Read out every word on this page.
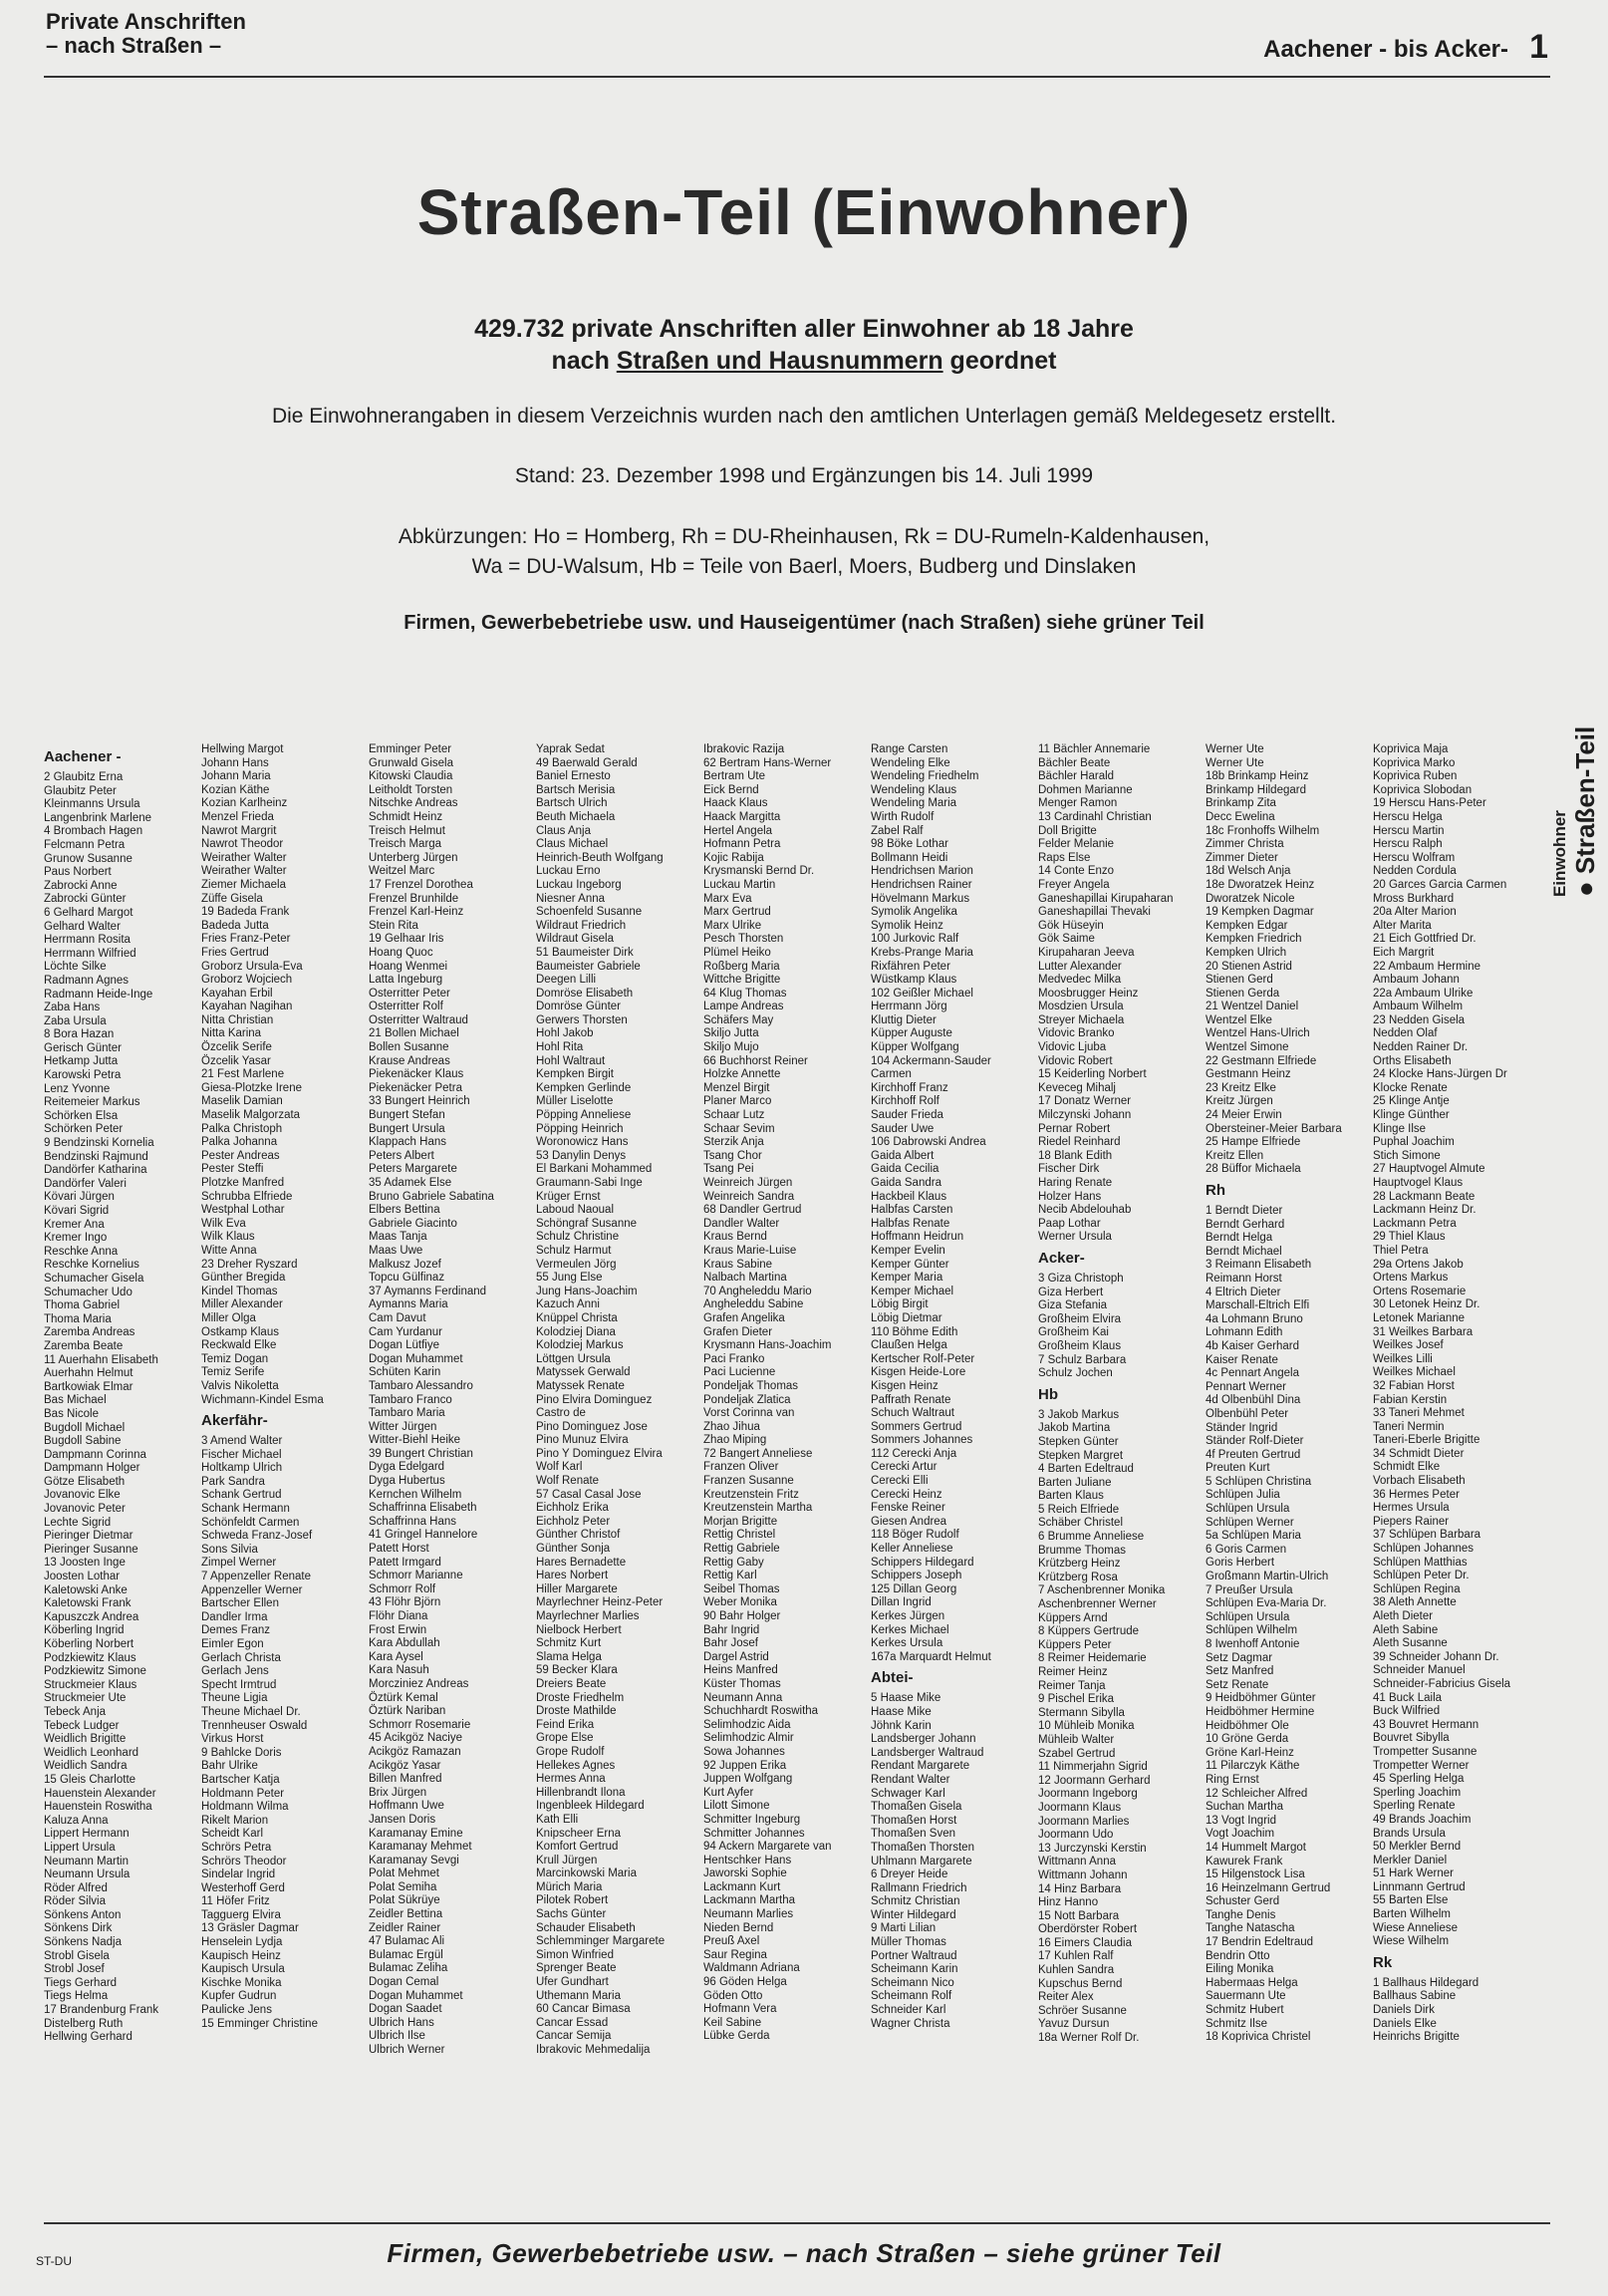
Private Anschriften
– nach Straßen –	Aachener - bis Acker- 1
Straßen-Teil (Einwohner)
429.732 private Anschriften aller Einwohner ab 18 Jahre
nach Straßen und Hausnummern geordnet
Die Einwohnerangaben in diesem Verzeichnis wurden nach den amtlichen Unterlagen gemäß Meldegesetz erstellt.
Stand: 23. Dezember 1998 und Ergänzungen bis 14. Juli 1999
Abkürzungen: Ho = Homberg, Rh = DU-Rheinhausen, Rk = DU-Rumeln-Kaldenhausen,
Wa = DU-Walsum, Hb = Teile von Baerl, Moers, Budberg und Dinslaken
Firmen, Gewerbebetriebe usw. und Hauseigentümer (nach Straßen) siehe grüner Teil
Einwohner
● Straßen-Teil
Aachener -
2 Glaubitz Erna
Glaubitz Peter
Kleinmanns Ursula
Langenbrink Marlene
4 Brombach Hagen
Felcmann Petra
Grunow Susanne
Paus Norbert
Zabrocki Anne
Zabrocki Günter
6 Gelhard Margot
Gelhard Walter
Herrmann Rosita
Herrmann Wilfried
Löchte Silke
Radmann Agnes
Radmann Heide-Inge
Zaba Hans
Zaba Ursula
8 Bora Hazan
Gerisch Günter
Hetkamp Jutta
Karowski Petra
Lenz Yvonne
Reitemeier Markus
Schörken Elsa
Schörken Peter
9 Bendzinski Kornelia
Bendzinski Rajmund
Dandörfer Katharina
Dandörfer Valeri
Kövari Jürgen
Kövari Sigrid
Kremer Ana
Kremer Ingo
Reschke Anna
Reschke Kornelius
Schumacher Gisela
Schumacher Udo
Thoma Gabriel
Thoma Maria
Zaremba Andreas
Zaremba Beate
11 Auerhahn Elisabeth
Auerhahn Helmut
Bartkowiak Elmar
Bas Michael
Bas Nicole
Bugdoll Michael
Bugdoll Sabine
Dampmann Corinna
Dampmann Holger
Götze Elisabeth
Jovanovic Elke
Jovanovic Peter
Lechte Sigrid
Pieringer Dietmar
Pieringer Susanne
13 Joosten Inge
Joosten Lothar
Kaletowski Anke
Kaletowski Frank
Kapuszczk Andrea
Köberling Ingrid
Köberling Norbert
Podzkiewitz Klaus
Podzkiewitz Simone
Struckmeier Klaus
Struckmeier Ute
Tebeck Anja
Tebeck Ludger
Weidlich Brigitte
Weidlich Leonhard
Weidlich Sandra
15 Gleis Charlotte
Hauenstein Alexander
Hauenstein Roswitha
Kaluza Anna
Lippert Hermann
Lippert Ursula
Neumann Martin
Neumann Ursula
Röder Alfred
Röder Silvia
Sönkens Anton
Sönkens Dirk
Sönkens Nadja
Strobl Gisela
Strobl Josef
Tiegs Gerhard
Tiegs Helma
17 Brandenburg Frank
Distelberg Ruth
Hellwing Gerhard
Hellwing Margot
Johann Hans
Johann Maria
Kozian Käthe
Kozian Karlheinz
Menzel Frieda
Nawrot Margrit
Nawrot Theodor
Weirather Walter
Weirather Walter
Ziemer Michaela
Züffe Gisela
19 Badeda Frank
Badeda Jutta
Fries Franz-Peter
Fries Gertrud
Groborz Ursula-Eva
Groborz Wojciech
Kayahan Erbil
Kayahan Nagihan
Nitta Christian
Nitta Karina
Özcelik Serife
Özcelik Yasar
21 Fest Marlene
Giesa-Plotzke Irene
Maselik Damian
Maselik Malgorzata
Palka Christoph
Palka Johanna
Pester Andreas
Pester Steffi
Plotzke Manfred
Schrubba Elfriede
Westphal Lothar
Wilk Eva
Wilk Klaus
Witte Anna
23 Dreher Ryszard
Günther Bregida
Kindel Thomas
Miller Alexander
Miller Olga
Ostkamp Klaus
Reckwald Elke
Temiz Dogan
Temiz Serife
Valvis Nikoletta
Wichmann-Kindel Esma
Akerfähr-
3 Amend Walter
Fischer Michael
Holtkamp Ulrich
Park Sandra
Schank Gertrud
Schank Hermann
Schönfeldt Carmen
Schweda Franz-Josef
Sons Silvia
Zimpel Werner
7 Appenzeller Renate
Appenzeller Werner
Bartscher Ellen
Dandler Irma
Demes Franz
Eimler Egon
Gerlach Christa
Gerlach Jens
Specht Irmtrud
Theune Ligia
Theune Michael Dr.
Trennheuser Oswald
Virkus Horst
9 Bahlcke Doris
Bahr Ulrike
Bartscher Katja
Holdmann Peter
Holdmann Wilma
Rikelt Marion
Scheidt Karl
Schrörs Petra
Schrörs Theodor
Sindelar Ingrid
Westerhoff Gerd
11 Höfer Fritz
Tagguerg Elvira
13 Gräsler Dagmar
Henselein Lydja
Kaupisch Heinz
Kaupisch Ursula
Kischke Monika
Kupfer Gudrun
Paulicke Jens
15 Emminger Christine
Emminger Peter
Grunwald Gisela
Kitowski Claudia
Leitholdt Torsten
Nitschke Andreas
Schmidt Heinz
Treisch Helmut
Treisch Marga
Unterberg Jürgen
Weitzel Marc
17 Frenzel Dorothea
Frenzel Brunhilde
Frenzel Karl-Heinz
Stein Rita
19 Gelhaar Iris
Hoang Quoc
Hoang Wenmei
Latta Ingeburg
Osterritter Peter
Osterritter Rolf
Osterritter Waltraud
21 Bollen Michael
Bollen Susanne
Krause Andreas
Piekenäcker Klaus
Piekenäcker Petra
33 Bungert Heinrich
Bungert Stefan
Bungert Ursula
Klappach Hans
Peters Albert
Peters Margarete
35 Adamek Else
Bruno Gabriele Sabatina
Elbers Bettina
Gabriele Giacinto
Maas Tanja
Maas Uwe
Malkusz Jozef
Topcu Gülfinaz
37 Aymanns Ferdinand
Aymanns Maria
Cam Davut
Cam Yurdanur
Dogan Lütfiye
Dogan Muhammet
Schüten Karin
Tambaro Alessandro
Tambaro Franco
Tambaro Maria
Witter Jürgen
Witter-Biehl Heike
39 Bungert Christian
Dyga Edelgard
Dyga Hubertus
Kernchen Wilhelm
Schaffrinna Elisabeth
Schaffrinna Hans
41 Gringel Hannelore
Patett Horst
Patett Irmgard
Schmorr Marianne
Schmorr Rolf
43 Flöhr Björn
Flöhr Diana
Frost Erwin
Kara Abdullah
Kara Aysel
Kara Nasuh
Morcziniez Andreas
Öztürk Kemal
Öztürk Nariban
Schmorr Rosemarie
45 Acikgöz Naciye
Acikgöz Ramazan
Acikgöz Yasar
Billen Manfred
Brix Jürgen
Hoffmann Uwe
Jansen Doris
Karamanay Emine
Karamanay Mehmet
Karamanay Sevgi
Polat Mehmet
Polat Semiha
Polat Sükrüye
Zeidler Bettina
Zeidler Rainer
47 Bulamac Ali
Bulamac Ergül
Bulamac Zeliha
Dogan Cemal
Dogan Muhammet
Dogan Saadet
Ulbrich Hans
Ulbrich Ilse
Ulbrich Werner
Yaprak Sedat
49 Baerwald Gerald
Baniel Ernesto
Bartsch Merisia
Bartsch Ulrich
Beuth Michaela
Claus Anja
Claus Michael
Heinrich-Beuth Wolfgang
Luckau Erno
Luckau Ingeborg
Niesner Anna
Schoenfeld Susanne
Wildraut Friedrich
Wildraut Gisela
51 Baumeister Dirk
Baumeister Gabriele
Deegen Lilli
Domröse Elisabeth
Domröse Günter
Gerwers Thorsten
Hohl Jakob
Hohl Rita
Hohl Waltraut
Kempken Birgit
Kempken Gerlinde
Müller Liselotte
Pöpping Anneliese
Pöpping Heinrich
Woronowicz Hans
53 Danylin Denys
El Barkani Mohammed
Graumann-Sabi Inge
Krüger Ernst
Laboud Naoual
Schöngraf Susanne
Schulz Christine
Schulz Harmut
Vermeulen Jörg
55 Jung Else
Jung Hans-Joachim
Kazuch Anni
Knüppel Christa
Kolodziej Diana
Kolodziej Markus
Löttgen Ursula
Matyssek Gerwald
Matyssek Renate
Pino Elvira Dominguez
Castro de
Pino Dominguez Jose
Pino Munuz Elvira
Pino Y Dominguez Elvira
Wolf Karl
Wolf Renate
57 Casal Casal Jose
Eichholz Erika
Eichholz Peter
Günther Christof
Günther Sonja
Hares Bernadette
Hares Norbert
Hiller Margarete
Mayrlechner Heinz-Peter
Mayrlechner Marlies
Nielbock Herbert
Schmitz Kurt
Slama Helga
59 Becker Klara
Dreiers Beate
Droste Friedhelm
Droste Mathilde
Feind Erika
Grope Else
Grope Rudolf
Hellekes Agnes
Hermes Anna
Hillenbrandt Ilona
Ingenbleek Hildegard
Kath Elli
Knipscheer Erna
Komfort Gertrud
Krull Jürgen
Marcinkowski Maria
Mürich Maria
Pilotek Robert
Sachs Günter
Schauder Elisabeth
Schlemminger Margarete
Simon Winfried
Sprenger Beate
Ufer Gundhart
Uthemann Maria
60 Cancar Bimasa
Cancar Essad
Cancar Semija
Ibrakovic Mehmedalija
Ibrakovic Razija
62 Bertram Hans-Werner
Bertram Ute
Eick Bernd
Haack Klaus
Haack Margitta
Hertel Angela
Hofmann Petra
Kojic Rabija
Krysmanski Bernd Dr.
Luckau Martin
Marx Eva
Marx Gertrud
Marx Ulrike
Pesch Thorsten
Plümel Heiko
Roßberg Maria
Wittche Brigitte
64 Klug Thomas
Lampe Andreas
Schäfers May
Skiljo Jutta
Skiljo Mujo
66 Buchhorst Reiner
Holzke Annette
Menzel Birgit
Planer Marco
Schaar Lutz
Schaar Sevim
Sterzik Anja
Tsang Chor
Tsang Pei
Weinreich Jürgen
Weinreich Sandra
68 Dandler Gertrud
Dandler Walter
Kraus Bernd
Kraus Marie-Luise
Kraus Sabine
Nalbach Martina
70 Angheleddu Mario
Angheleddu Sabine
Grafen Angelika
Grafen Dieter
Krysmann Hans-Joachim
Paci Franko
Paci Lucienne
Pondeljak Thomas
Pondeljak Zlatica
Vorst Corinna van
Zhao Jihua
Zhao Miping
72 Bangert Anneliese
Franzen Oliver
Franzen Susanne
Kreutzenstein Fritz
Kreutzenstein Martha
Morjan Brigitte
Rettig Christel
Rettig Gabriele
Rettig Gaby
Rettig Karl
Seibel Thomas
Weber Monika
90 Bahr Holger
Bahr Ingrid
Bahr Josef
Dargel Astrid
Heins Manfred
Küster Thomas
Neumann Anna
Schuchhardt Roswitha
Selimhodzic Aida
Selimhodzic Almir
Sowa Johannes
92 Juppen Erika
Juppen Wolfgang
Kurt Ayfer
Lilott Simone
Schmitter Ingeburg
Schmitter Johannes
94 Ackern Margarete van
Hentschker Hans
Jaworski Sophie
Lackmann Kurt
Lackmann Martha
Neumann Marlies
Nieden Bernd
Preuß Axel
Saur Regina
Waldmann Adriana
96 Göden Helga
Göden Otto
Hofmann Vera
Keil Sabine
Lübke Gerda
Range Carsten
Wendeling Elke
Wendeling Friedhelm
Wendeling Klaus
Wendeling Maria
Wirth Rudolf
Zabel Ralf
98 Böke Lothar
Bollmann Heidi
Hendrichsen Marion
Hendrichsen Rainer
Hövelmann Markus
Symolik Angelika
Symolik Heinz
100 Jurkovic Ralf
Krebs-Prange Maria
Rixfähren Peter
Wüstkamp Klaus
102 Geißler Michael
Herrmann Jörg
Kluttig Dieter
Küpper Auguste
Küpper Wolfgang
104 Ackermann-Sauder
Carmen
Kirchhoff Franz
Kirchhoff Rolf
Sauder Frieda
Sauder Uwe
106 Dabrowski Andrea
Gaida Albert
Gaida Cecilia
Gaida Sandra
Hackbeil Klaus
Halbfas Carsten
Halbfas Renate
Hoffmann Heidrun
Kemper Evelin
Kemper Günter
Kemper Maria
Kemper Michael
Löbig Birgit
Löbig Dietmar
110 Böhme Edith
Claußen Helga
Kertscher Rolf-Peter
Kisgen Heide-Lore
Kisgen Heinz
Paffrath Renate
Schuch Waltraut
Sommers Gertrud
Sommers Johannes
112 Cerecki Anja
Cerecki Artur
Cerecki Elli
Cerecki Heinz
Fenske Reiner
Giesen Andrea
118 Böger Rudolf
Keller Anneliese
Schippers Hildegard
Schippers Joseph
125 Dillan Georg
Dillan Ingrid
Kerkes Jürgen
Kerkes Michael
Kerkes Ursula
167a Marquardt Helmut
Abtei-
5 Haase Mike
Haase Mike
Jöhnk Karin
Landsberger Johann
Landsberger Waltraud
Rendant Margarete
Rendant Walter
Schwager Karl
Thomaßen Gisela
Thomaßen Horst
Thomaßen Sven
Thomaßen Thorsten
Uhlmann Margarete
6 Dreyer Heide
Rallmann Friedrich
Schmitz Christian
Winter Hildegard
9 Marti Lilian
Müller Thomas
Portner Waltraud
Scheimann Karin
Scheimann Nico
Scheimann Rolf
Schneider Karl
Wagner Christa
11 Bächler Annemarie
Bächler Beate
Bächler Harald
Dohmen Marianne
Menger Ramon
13 Cardinahl Christian
Doll Brigitte
Felder Melanie
Raps Else
14 Conte Enzo
Freyer Angela
Ganeshapillai Kirupaharan
Ganeshapillai Thevaki
Gök Hüseyin
Gök Saime
Kirupaharan Jeeva
Lutter Alexander
Medvedec Milka
Moosbrugger Heinz
Mosdzien Ursula
Streyer Michaela
Vidovic Branko
Vidovic Ljuba
Vidovic Robert
15 Keiderling Norbert
Keveceg Mihalj
17 Donatz Werner
Milczynski Johann
Pernar Robert
Riedel Reinhard
18 Blank Edith
Fischer Dirk
Haring Renate
Holzer Hans
Necib Abdelouhab
Paap Lothar
Werner Ursula
Acker-
3 Giza Christoph
Giza Herbert
Giza Stefania
Großheim Elvira
Großheim Kai
Großheim Klaus
7 Schulz Barbara
Schulz Jochen
Hb
3 Jakob Markus
Jakob Martina
Stepken Günter
Stepken Margret
4 Barten Edeltraud
Barten Juliane
Barten Klaus
5 Reich Elfriede
Schäber Christel
6 Brumme Anneliese
Brumme Thomas
Krützberg Heinz
Krützberg Rosa
7 Aschenbrenner Monika
Aschenbrenner Werner
Küppers Arnd
8 Küppers Gertrude
Küppers Peter
8 Reimer Heidemarie
Reimer Heinz
Reimer Tanja
9 Pischel Erika
Stermann Sibylla
10 Mühleib Monika
Mühleib Walter
Szabel Gertrud
11 Nimmerjahn Sigrid
12 Joormann Gerhard
Joormann Ingeborg
Joormann Klaus
Joormann Marlies
Joormann Udo
13 Jurczynski Kerstin
Wittmann Anna
Wittmann Johann
14 Hinz Barbara
Hinz Hanno
15 Nott Barbara
Oberdörster Robert
16 Eimers Claudia
17 Kuhlen Ralf
Kuhlen Sandra
Kupschus Bernd
Reiter Alex
Schröer Susanne
Yavuz Dursun
18a Werner Rolf Dr.
Werner Ute
Werner Ute
18b Brinkamp Heinz
Brinkamp Hildegard
Brinkamp Zita
Decc Ewelina
18c Fronhoffs Wilhelm
Zimmer Christa
Zimmer Dieter
18d Welsch Anja
18e Dworatzek Heinz
Dworatzek Nicole
19 Kempken Dagmar
Kempken Edgar
Kempken Friedrich
Kempken Ulrich
20 Stienen Astrid
Stienen Gerd
Stienen Gerda
21 Wentzel Daniel
Wentzel Elke
Wentzel Hans-Ulrich
Wentzel Simone
22 Gestmann Elfriede
Gestmann Heinz
23 Kreitz Elke
Kreitz Jürgen
24 Meier Erwin
Obersteiner-Meier Barbara
25 Hampe Elfriede
Kreitz Ellen
28 Büffor Michaela
Rh
1 Berndt Dieter
Berndt Gerhard
Berndt Helga
Berndt Michael
3 Reimann Elisabeth
Reimann Horst
4 Eltrich Dieter
Marschall-Eltrich Elfi
4a Lohmann Bruno
Lohmann Edith
4b Kaiser Gerhard
Kaiser Renate
4c Pennart Angela
Pennart Werner
4d Olbenbühl Dina
Olbenbühl Peter
Ständer Ingrid
Ständer Rolf-Dieter
4f Preuten Gertrud
Preuten Kurt
5 Schlüpen Christina
Schlüpen Julia
Schlüpen Ursula
Schlüpen Werner
5a Schlüpen Maria
6 Goris Carmen
Goris Herbert
Großmann Martin-Ulrich
7 Preußer Ursula
Schlüpen Eva-Maria Dr.
Schlüpen Ursula
Schlüpen Wilhelm
8 Iwenhoff Antonie
Setz Dagmar
Setz Manfred
Setz Renate
9 Heidböhmer Günter
Heidböhmer Hermine
Heidböhmer Ole
10 Gröne Gerda
Gröne Karl-Heinz
11 Pilarczyk Käthe
Ring Ernst
12 Schleicher Alfred
Suchan Martha
13 Vogt Ingrid
Vogt Joachim
14 Hummelt Margot
Kawurek Frank
15 Hilgenstock Lisa
16 Heinzelmann Gertrud
Schuster Gerd
Tanghe Denis
Tanghe Natascha
17 Bendrin Edeltraud
Bendrin Otto
Eiling Monika
Habermaas Helga
Sauermann Ute
Schmitz Hubert
Schmitz Ilse
18 Koprivica Christel
Koprivica Maja
Koprivica Marko
Koprivica Ruben
Koprivica Slobodan
19 Herscu Hans-Peter
Herscu Helga
Herscu Martin
Herscu Ralph
Herscu Wolfram
Nedden Cordula
20 Garces Garcia Carmen
Mross Burkhard
20a Alter Marion
Alter Marita
21 Eich Gottfried Dr.
Eich Margrit
22 Ambaum Hermine
Ambaum Johann
22a Ambaum Ulrike
Ambaum Wilhelm
23 Nedden Gisela
Nedden Olaf
Nedden Rainer Dr.
Orths Elisabeth
24 Klocke Hans-Jürgen Dr
Klocke Renate
25 Klinge Antje
Klinge Günther
Klinge Ilse
Puphal Joachim
Stich Simone
27 Hauptvogel Almute
Hauptvogel Klaus
28 Lackmann Beate
Lackmann Heinz Dr.
Lackmann Petra
29 Thiel Klaus
Thiel Petra
29a Ortens Jakob
Ortens Markus
Ortens Rosemarie
30 Letonek Heinz Dr.
Letonek Marianne
31 Weilkes Barbara
Weilkes Josef
Weilkes Lilli
Weilkes Michael
32 Fabian Horst
Fabian Kerstin
33 Taneri Mehmet
Taneri Nermin
Taneri-Eberle Brigitte
34 Schmidt Dieter
Schmidt Elke
Vorbach Elisabeth
36 Hermes Peter
Hermes Ursula
Piepers Rainer
37 Schlüpen Barbara
Schlüpen Johannes
Schlüpen Matthias
Schlüpen Peter Dr.
Schlüpen Regina
38 Aleth Annette
Aleth Dieter
Aleth Sabine
Aleth Susanne
39 Schneider Johann Dr.
Schneider Manuel
Schneider-Fabricius Gisela
41 Buck Laila
Buck Wilfried
43 Bouvret Hermann
Bouvret Sibylla
Trompetter Susanne
Trompetter Werner
45 Sperling Helga
Sperling Joachim
Sperling Renate
49 Brands Joachim
Brands Ursula
50 Merkler Bernd
Merkler Daniel
51 Hark Werner
Linnmann Gertrud
55 Barten Else
Barten Wilhelm
Wiese Anneliese
Wiese Wilhelm
Rk
1 Ballhaus Hildegard
Ballhaus Sabine
Daniels Dirk
Daniels Elke
Heinrichs Brigitte
ST-DU	Firmen, Gewerbebetriebe usw. – nach Straßen – siehe grüner Teil
